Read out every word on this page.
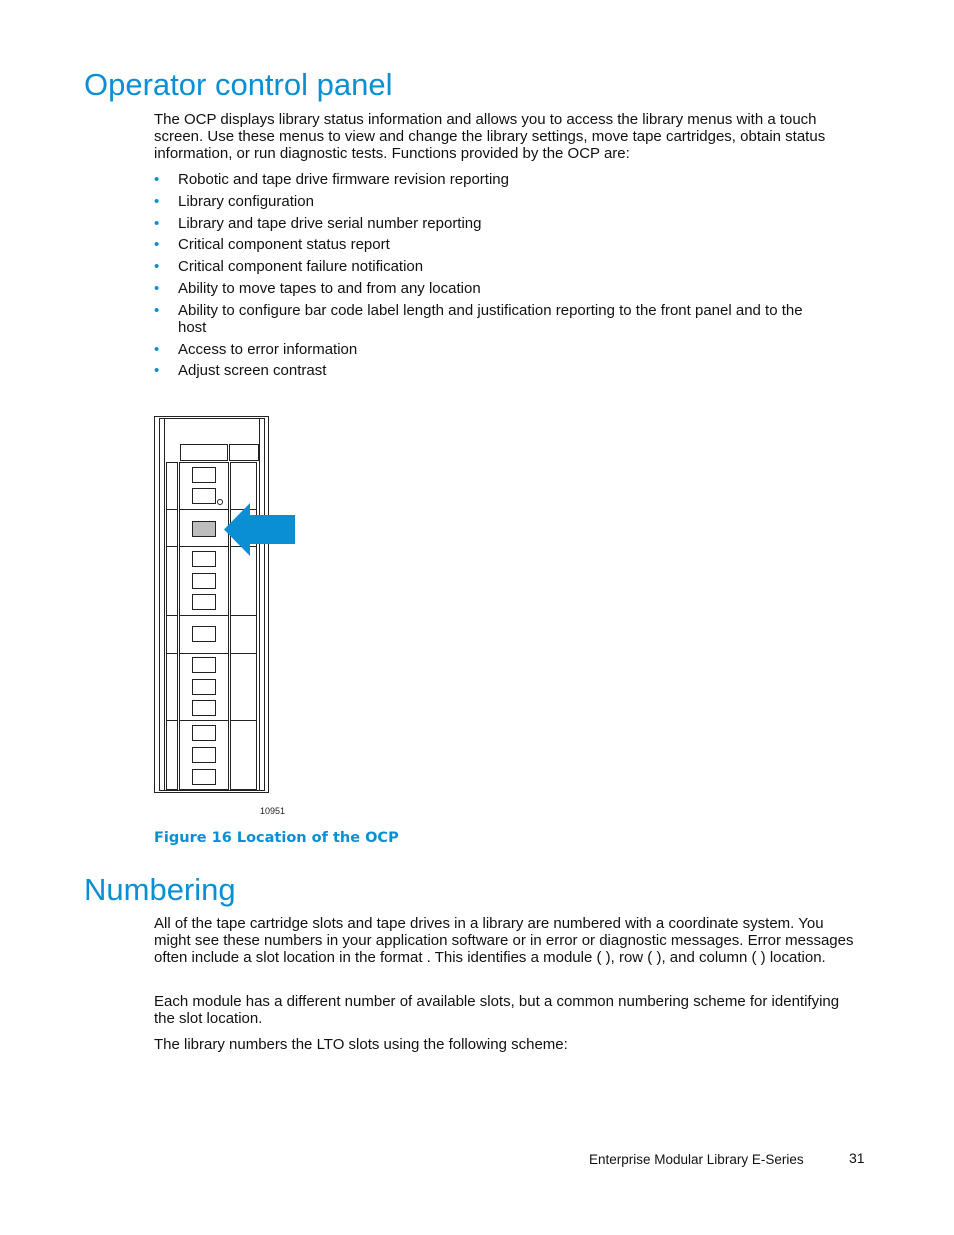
Operator control panel

The OCP displays library status information and allows you to access the library menus with a touch screen. Use these menus to view and change the library settings, move tape cartridges, obtain status information, or run diagnostic tests. Functions provided by the OCP are:

• Robotic and tape drive firmware revision reporting
• Library configuration
• Library and tape drive serial number reporting
• Critical component status report
• Critical component failure notification
• Ability to move tapes to and from any location
• Ability to configure bar code label length and justification reporting to the front panel and to the host
• Access to error information
• Adjust screen contrast
10951

Figure 16 Location of the OCP

Numbering

All of the tape cartridge slots and tape drives in a library are numbered with a coordinate system. You might see these numbers in your application software or in error or diagnostic messages. Error messages often include a slot location in the format . This identifies a module ( ), row ( ), and column ( ) location.

Each module has a different number of available slots, but a common numbering scheme for identifying the slot location.

The library numbers the LTO slots using the following scheme:

Enterprise Modular Library E-Series	31
